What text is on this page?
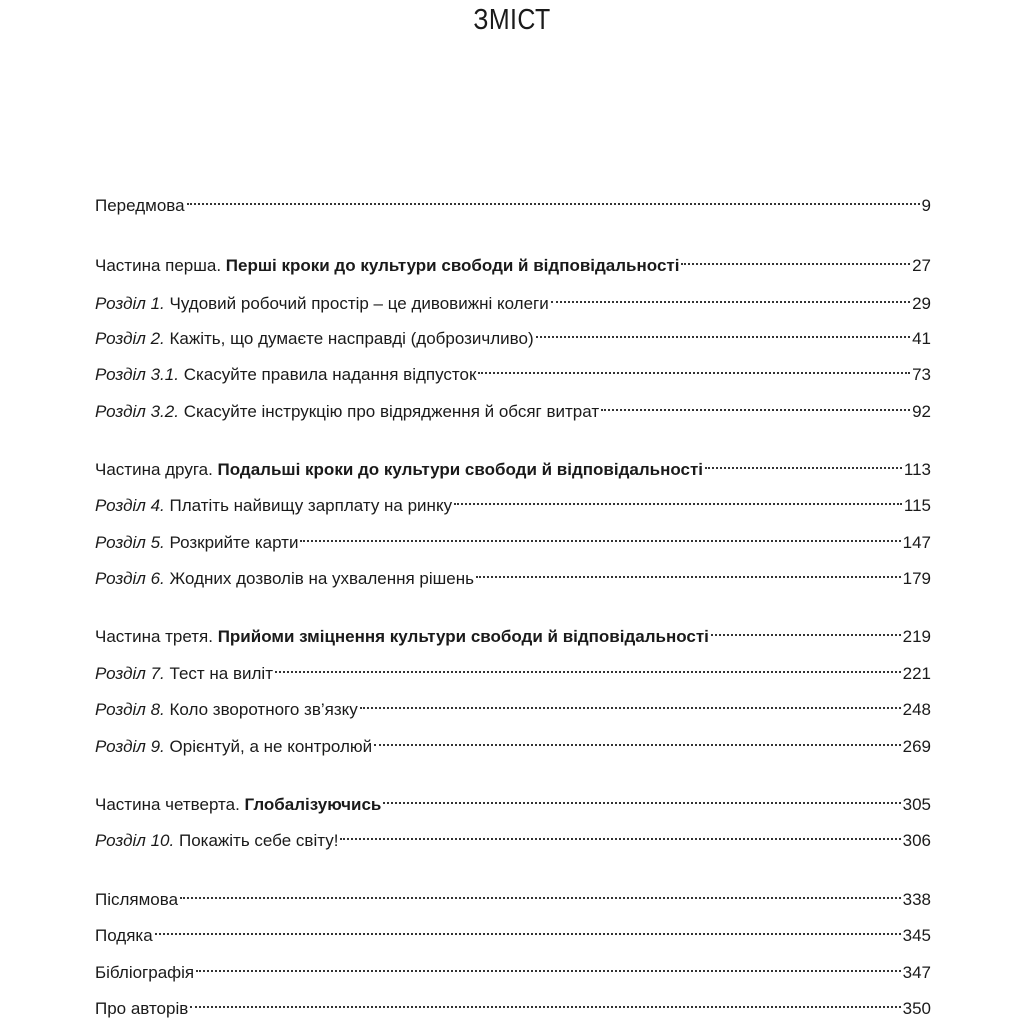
ЗМІСТ
Передмова	9
Частина перша. Перші кроки до культури свободи й відповідальності	27
Розділ 1. Чудовий робочий простір – це дивовижні колеги	29
Розділ 2. Кажіть, що думаєте насправді (доброзичливо)	41
Розділ 3.1. Скасуйте правила надання відпусток	73
Розділ 3.2. Скасуйте інструкцію про відрядження й обсяг витрат	92
Частина друга. Подальші кроки до культури свободи й відповідальності	113
Розділ 4. Платіть найвищу зарплату на ринку	115
Розділ 5. Розкрийте карти	147
Розділ 6. Жодних дозволів на ухвалення рішень	179
Частина третя. Прийоми зміцнення культури свободи й відповідальності	219
Розділ 7. Тест на виліт	221
Розділ 8. Коло зворотного зв’язку	248
Розділ 9. Орієнтуй, а не контролюй	269
Частина четверта. Глобалізуючись	305
Розділ 10. Покажіть себе світу!	306
Післямова	338
Подяка	345
Бібліографія	347
Про авторів	350
